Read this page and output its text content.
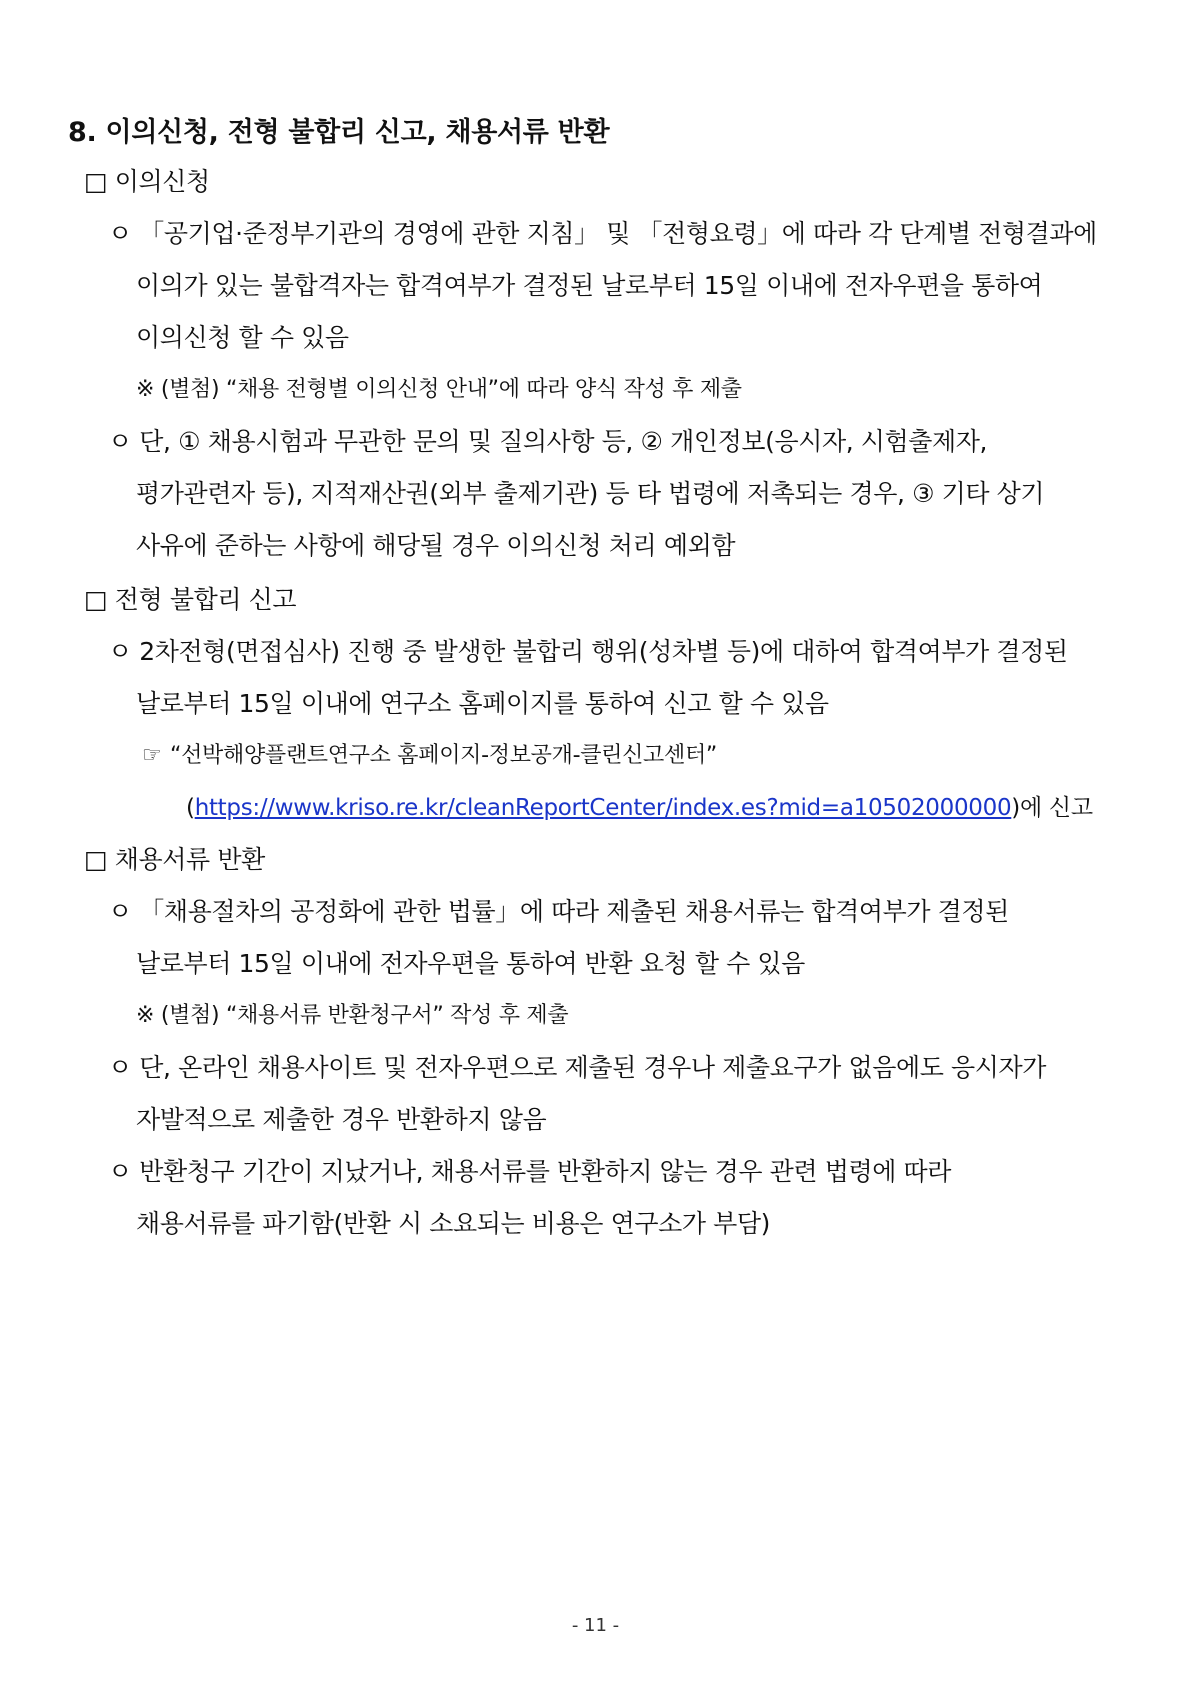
8. 이의신청, 전형 불합리 신고, 채용서류 반환
□ 이의신청
ㅇ 「공기업·준정부기관의 경영에 관한 지침」 및 「전형요령」에 따라 각 단계별 전형결과에
이의가 있는 불합격자는 합격여부가 결정된 날로부터 15일 이내에 전자우편을 통하여
이의신청 할 수 있음
※ (별첨) “채용 전형별 이의신청 안내”에 따라 양식 작성 후 제출
ㅇ 단, ① 채용시험과 무관한 문의 및 질의사항 등, ② 개인정보(응시자, 시험출제자,
평가관련자 등), 지적재산권(외부 출제기관) 등 타 법령에 저촉되는 경우, ③ 기타 상기
사유에 준하는 사항에 해당될 경우 이의신청 처리 예외함
□ 전형 불합리 신고
ㅇ 2차전형(면접심사) 진행 중 발생한 불합리 행위(성차별 등)에 대하여 합격여부가 결정된
날로부터 15일 이내에 연구소 홈페이지를 통하여 신고 할 수 있음
☞ “선박해양플랜트연구소 홈페이지-정보공개-클린신고센터”
(https://www.kriso.re.kr/cleanReportCenter/index.es?mid=a10502000000)에 신고
□ 채용서류 반환
ㅇ 「채용절차의 공정화에 관한 법률」에 따라 제출된 채용서류는 합격여부가 결정된
날로부터 15일 이내에 전자우편을 통하여 반환 요청 할 수 있음
※ (별첨) “채용서류 반환청구서” 작성 후 제출
ㅇ 단, 온라인 채용사이트 및 전자우편으로 제출된 경우나 제출요구가 없음에도 응시자가
자발적으로 제출한 경우 반환하지 않음
ㅇ 반환청구 기간이 지났거나, 채용서류를 반환하지 않는 경우 관련 법령에 따라
채용서류를 파기함(반환 시 소요되는 비용은 연구소가 부담)
- 11 -
